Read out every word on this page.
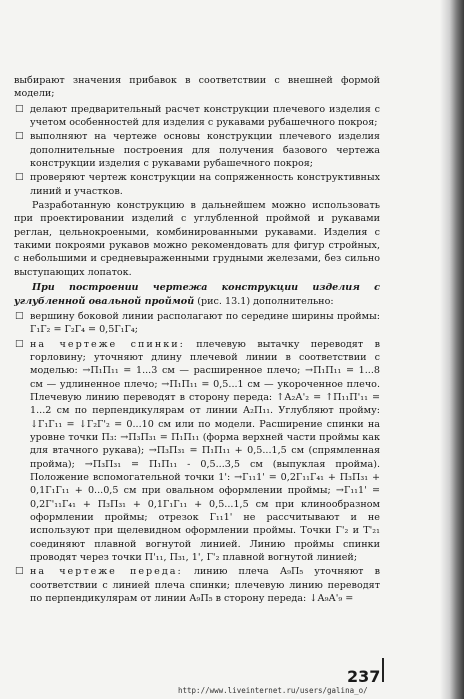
выбирают значения прибавок в соответствии с внешней формой модели;

□ делают предварительный расчет конструкции плечевого изделия с учетом особенностей для изделия с рукавами рубашечного покроя;
□ выполняют на чертеже основы конструкции плечевого изделия дополнительные построения для получения базового чертежа конструкции изделия с рукавами рубашечного покроя;
□ проверяют чертеж конструкции на сопряженность конструктивных линий и участков.

Разработанную конструкцию в дальнейшем можно использовать при проектировании изделий с углубленной проймой и рукавами реглан, цельнокроеными, комбинированными рукавами. Изделия с такими покроями рукавов можно рекомендовать для фигур стройных, с небольшими и средневыраженными грудными железами, без сильно выступающих лопаток.

При построении чертежа конструкции изделия с углубленной овальной проймой (рис. 13.1) дополнительно:

□ вершину боковой линии располагают по середине ширины проймы: Г₁Г₂ = Г₂Г₄ = 0,5Г₁Г₄;
□ на чертеже спинки: плечевую вытачку переводят в горловину; уточняют длину плечевой линии в соответствии с моделью: →П₁П₁₁ = 1...3 см — расширенное плечо; →П₁П₁₁ = 1...8 см — удлиненное плечо; →П₁П₁₁ = 0,5...1 см — укороченное плечо. Плечевую линию переводят в сторону переда: ↑А₂А'₂ = ↑П₁₁П'₁₁ = 1...2 см по перпендикулярам от линии А₂П₁₁. Углубляют пройму: ↓Г₁Г₁₁ = ↓Г₂Г'₂ = 0...10 см или по модели. Расширение спинки на уровне точки П₃: →П₃П₃₁ = П₁П₁₁ (форма верхней части проймы как для втачного рукава); →П₃П₃₁ = П₁П₁₁ + 0,5...1,5 см (спрямленная пройма); →П₃П₃₁ = П₁П₁₁ - 0,5...3,5 см (выпуклая пройма). Положение вспомогательной точки 1': →Г₁₁1' = 0,2Г₁₁Г₄₁ + П₃П₃₁ + 0,1Г₁Г₁₁ + 0...0,5 см при овальном оформлении проймы; →Г₁₁1' = 0,2Г'₁₁Г₄₁ + П₃П₃₁ + 0,1Г₁Г₁₁ + 0,5...1,5 см при клинообразном оформлении проймы; отрезок Г₁₁1' не рассчитывают и не используют при щелевидном оформлении проймы. Точки Г'₂ и Т'₂₁ соединяют плавной вогнутой линией. Линию проймы спинки проводят через точки П'₁₁, П₃₁, 1', Г'₂ плавной вогнутой линией;
□ на чертеже переда: линию плеча А₉П₅ уточняют в соответствии с линией плеча спинки; плечевую линию переводят по перпендикулярам от линии А₉П₅ в сторону переда: ↓А₉А'₉ =
237
http://www.liveinternet.ru/users/galina_o/
